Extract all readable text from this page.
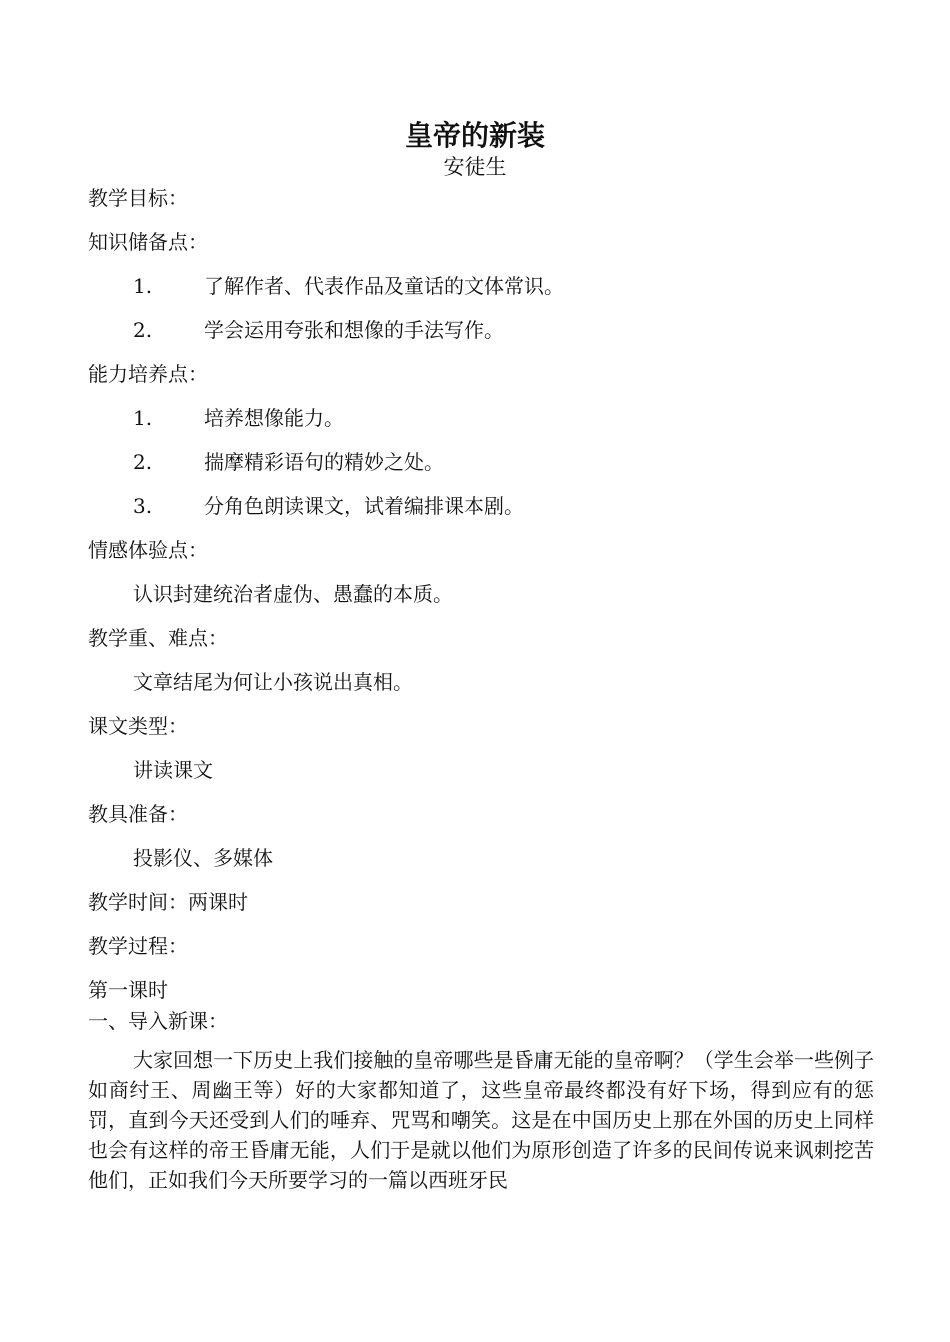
皇帝的新装
安徒生
教学目标：
知识储备点：
1.	了解作者、代表作品及童话的文体常识。
2.	学会运用夸张和想像的手法写作。
能力培养点：
1.	培养想像能力。
2.	揣摩精彩语句的精妙之处。
3.	分角色朗读课文，试着编排课本剧。
情感体验点：
认识封建统治者虚伪、愚蠢的本质。
教学重、难点：
文章结尾为何让小孩说出真相。
课文类型：
讲读课文
教具准备：
投影仪、多媒体
教学时间：两课时
教学过程：
第一课时
一、导入新课：
大家回想一下历史上我们接触的皇帝哪些是昏庸无能的皇帝啊？（学生会举一些例子如商纣王、周幽王等）好的大家都知道了，这些皇帝最终都没有好下场，得到应有的惩罚，直到今天还受到人们的唾弃、咒骂和嘲笑。这是在中国历史上那在外国的历史上同样也会有这样的帝王昏庸无能，人们于是就以他们为原形创造了许多的民间传说来讽刺挖苦他们，正如我们今天所要学习的一篇以西班牙民
